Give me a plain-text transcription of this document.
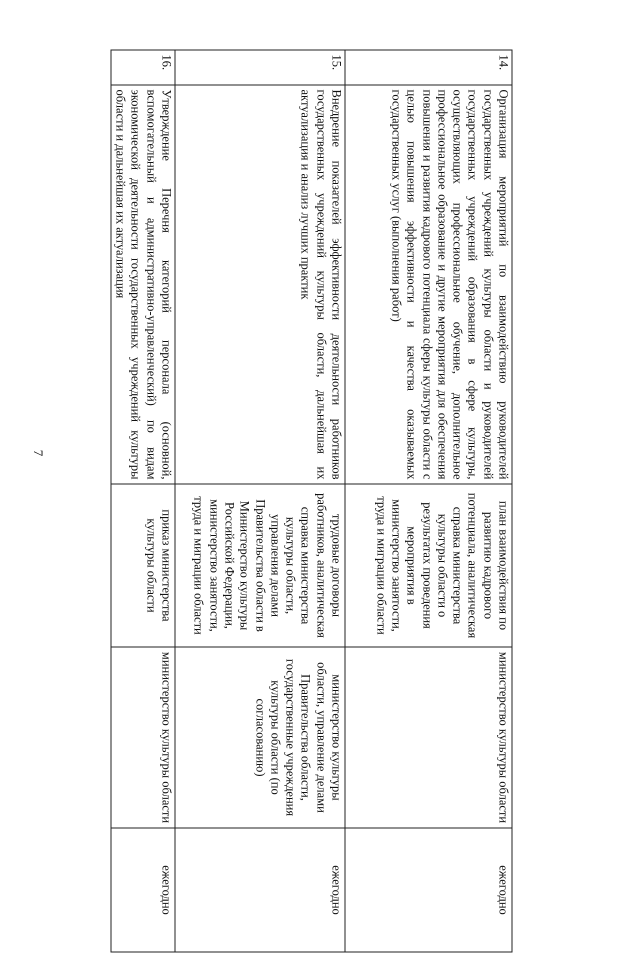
7
14.	Организация мероприятий по взаимодействию руководителей государственных учреждений культуры области и руководителей государственных учреждений образования в сфере культуры, осуществляющих профессиональное обучение, дополнительное профессиональное образование и другие мероприятия для обеспечения повышения и развития кадрового потенциала сферы культуры области с целью повышения эффективности и качества оказываемых государственных услуг (выполнения работ)	план взаимодействия по развитию кадрового потенциала, аналитическая справка министерства культуры области о результатах проведения мероприятия в министерство занятости, труда и миграции области	министерство культуры области	ежегодно
15.	Внедрение показателей эффективности деятельности работников государственных учреждений культуры области, дальнейшая их актуализация и анализ лучших практик	трудовые договоры работников, аналитическая справка министерства культуры области, управления делами Правительства области в Министерство культуры Российской Федерации, министерство занятости, труда и миграции области	министерство культуры области, управление делами Правительства области, государственные учреждения культуры области (по согласованию)	ежегодно
16.	Утверждение Перечня категорий персонала (основной, вспомогательный и административно-управленческий) по видам экономической деятельности государственных учреждений культуры области и дальнейшая их актуализация	приказ министерства культуры области	министерство культуры области	ежегодно
